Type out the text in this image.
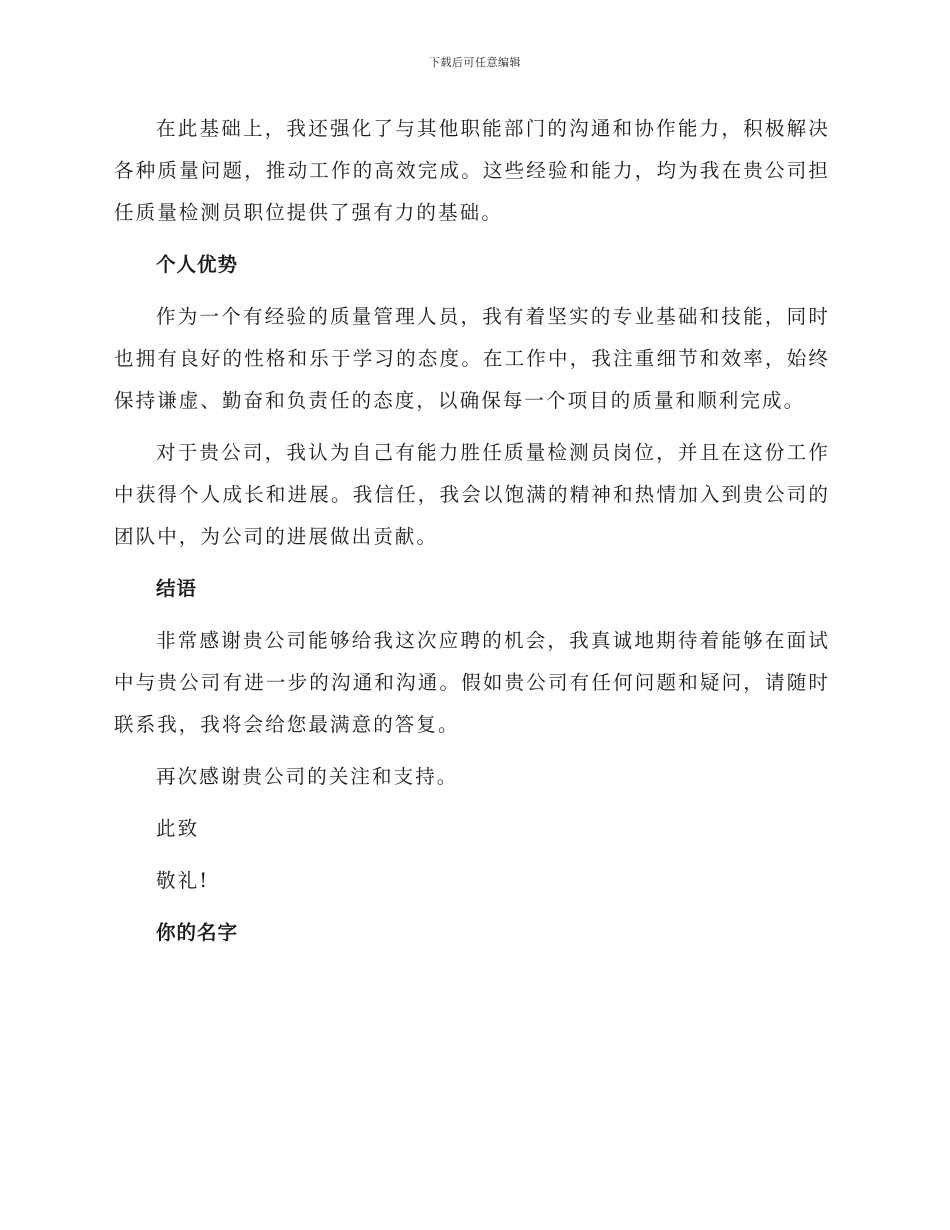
下载后可任意编辑

在此基础上，我还强化了与其他职能部门的沟通和协作能力，积极解决各种质量问题，推动工作的高效完成。这些经验和能力，均为我在贵公司担任质量检测员职位提供了强有力的基础。

个人优势

作为一个有经验的质量管理人员，我有着坚实的专业基础和技能，同时也拥有良好的性格和乐于学习的态度。在工作中，我注重细节和效率，始终保持谦虚、勤奋和负责任的态度，以确保每一个项目的质量和顺利完成。

对于贵公司，我认为自己有能力胜任质量检测员岗位，并且在这份工作中获得个人成长和进展。我信任，我会以饱满的精神和热情加入到贵公司的团队中，为公司的进展做出贡献。

结语

非常感谢贵公司能够给我这次应聘的机会，我真诚地期待着能够在面试中与贵公司有进一步的沟通和沟通。假如贵公司有任何问题和疑问，请随时联系我，我将会给您最满意的答复。

再次感谢贵公司的关注和支持。
此致
敬礼!
你的名字
